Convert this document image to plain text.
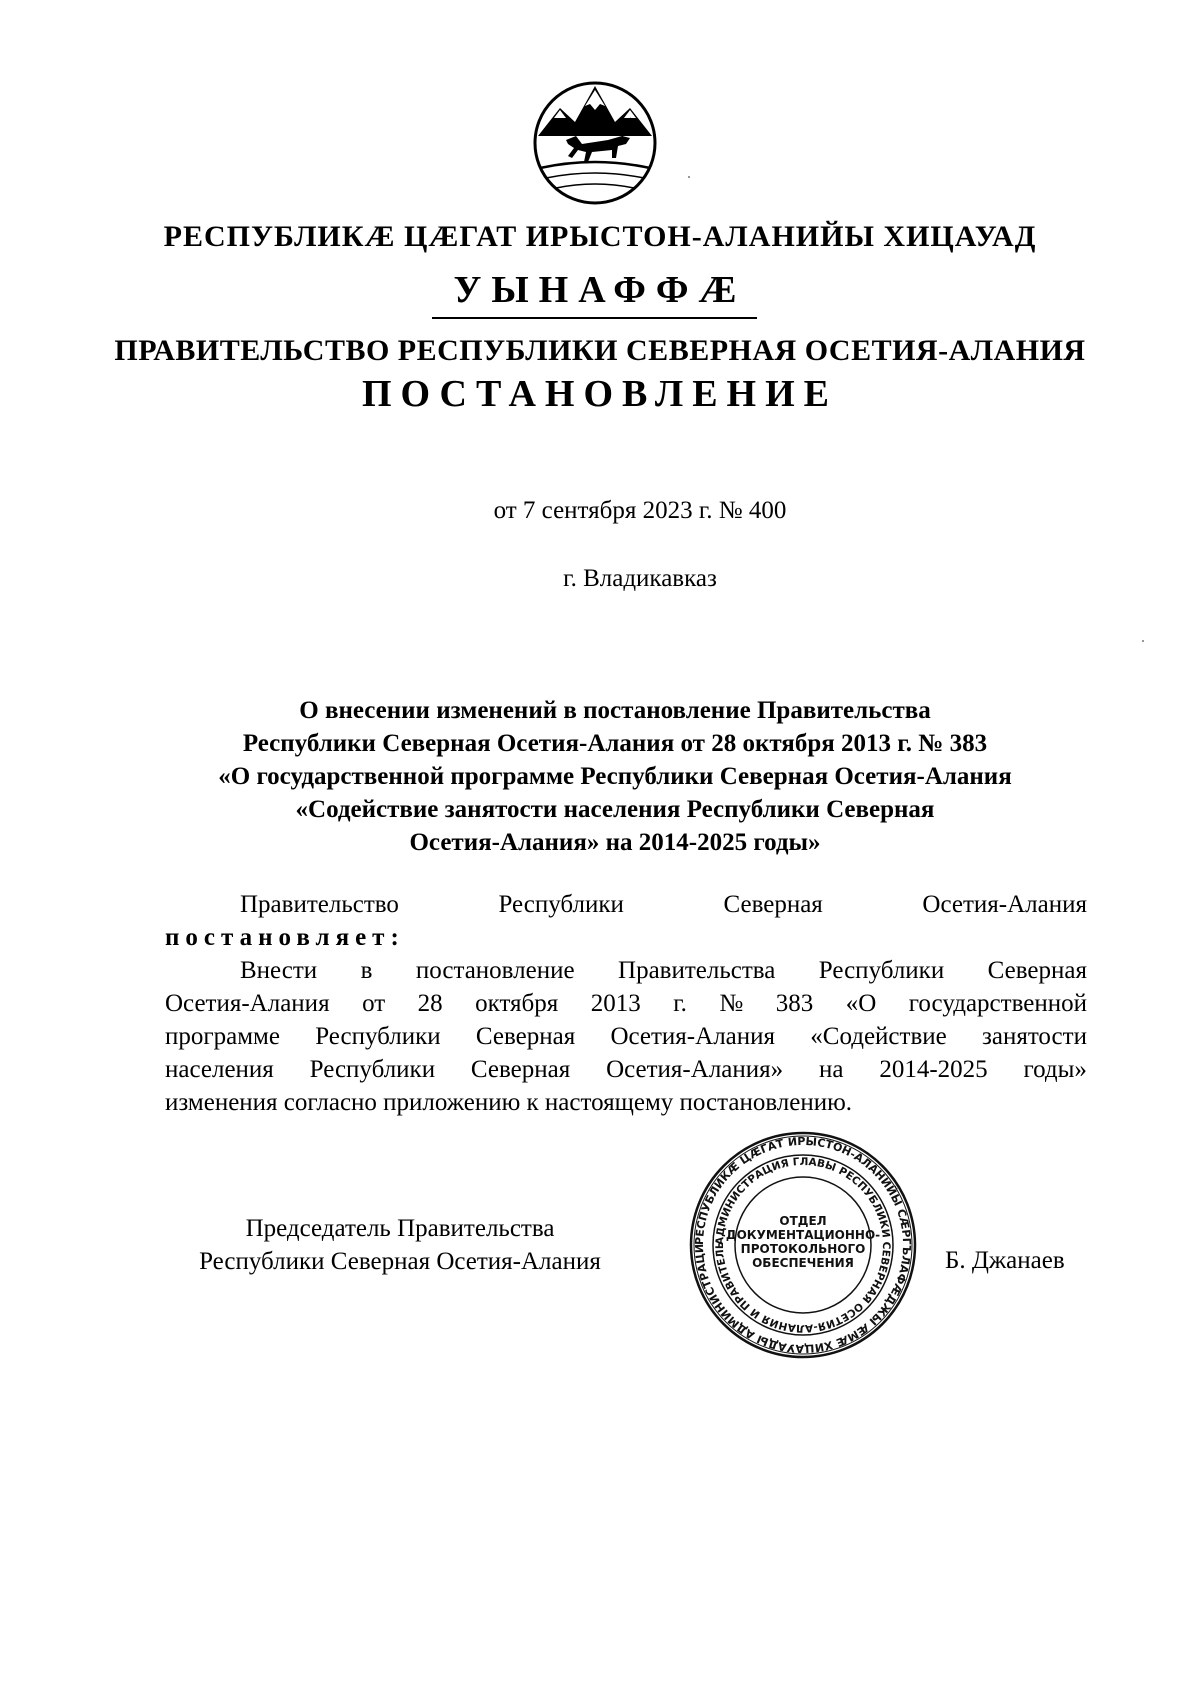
РЕСПУБЛИКӔ ЦӔГАТ ИРЫСТОН-АЛАНИЙЫ ХИЦАУАД
УЫНАФФӔ
ПРАВИТЕЛЬСТВО РЕСПУБЛИКИ СЕВЕРНАЯ ОСЕТИЯ-АЛАНИЯ
ПОСТАНОВЛЕНИЕ
от 7 сентября 2023 г. № 400
г. Владикавказ
О внесении изменений в постановление Правительства
Республики Северная Осетия-Алания от 28 октября 2013 г. № 383
«О государственной программе Республики Северная Осетия-Алания
«Содействие занятости населения Республики Северная
Осетия-Алания» на 2014-2025 годы»
Правительство	Республики	Северная	Осетия-Алания
постановляет:
Внести в постановление Правительства Республики Северная
Осетия-Алания от 28 октября 2013 г. № 383 «О государственной
программе Республики Северная Осетия-Алания «Содействие занятости
населения Республики Северная Осетия-Алания» на 2014-2025 годы»
изменения согласно приложению к настоящему постановлению.
Председатель Правительства
Республики Северная Осетия-Алания
РЕСПУБЛИКӔ ЦӔГАТ ИРЫСТОН-АЛАНИЙЫ СӔРГЪЛАФӔДЖЫ ӔМӔ ХИЦАУАДЫ АДМИНИСТРАЦИ
АДМИНИСТРАЦИЯ ГЛАВЫ РЕСПУБЛИКИ СЕВЕРНАЯ ОСЕТИЯ-АЛАНИЯ И ПРАВИТЕЛЬ
ОТДЕЛ
ДОКУМЕНТАЦИОННО-
ПРОТОКОЛЬНОГО
ОБЕСПЕЧЕНИЯ	Б. Джанаев
